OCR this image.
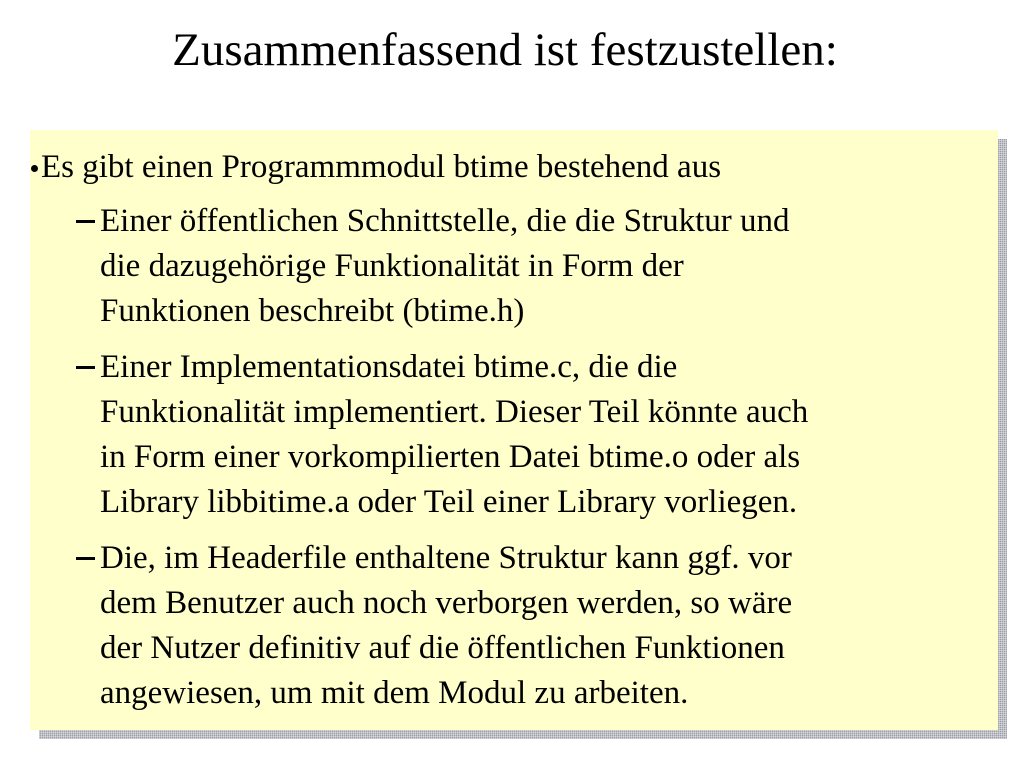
Zusammenfassend ist festzustellen:
Es gibt einen Programmmodul btime bestehend aus
Einer öffentlichen Schnittstelle, die die Struktur und
die dazugehörige Funktionalität in Form der
Funktionen beschreibt (btime.h)
Einer Implementationsdatei btime.c, die die
Funktionalität implementiert. Dieser Teil könnte auch
in Form einer vorkompilierten Datei btime.o oder als
Library libbitime.a oder Teil einer Library vorliegen.
Die, im Headerfile enthaltene Struktur kann ggf. vor
dem Benutzer auch noch verborgen werden, so wäre
der Nutzer definitiv auf die öffentlichen Funktionen
angewiesen, um mit dem Modul zu arbeiten.
